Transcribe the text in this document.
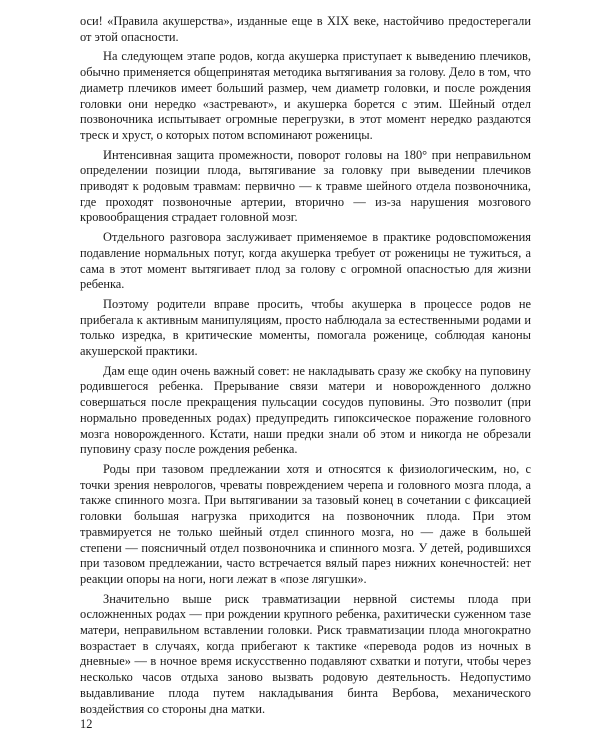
оси! «Правила акушерства», изданные еще в XIX веке, настойчиво предостерегали от этой опасности.

На следующем этапе родов, когда акушерка приступает к выведению плечиков, обычно применяется общепринятая методика вытягивания за голову. Дело в том, что диаметр плечиков имеет больший размер, чем диаметр головки, и после рождения головки они нередко «застревают», и акушерка борется с этим. Шейный отдел позвоночника испытывает огромные перегрузки, в этот момент нередко раздаются треск и хруст, о которых потом вспоминают роженицы.

Интенсивная защита промежности, поворот головы на 180° при неправильном определении позиции плода, вытягивание за головку при выведении плечиков приводят к родовым травмам: первично — к травме шейного отдела позвоночника, где проходят позвоночные артерии, вторично — из-за нарушения мозгового кровообращения страдает головной мозг.

Отдельного разговора заслуживает применяемое в практике родовспоможения подавление нормальных потуг, когда акушерка требует от роженицы не тужиться, а сама в этот момент вытягивает плод за голову с огромной опасностью для жизни ребенка.

Поэтому родители вправе просить, чтобы акушерка в процессе родов не прибегала к активным манипуляциям, просто наблюдала за естественными родами и только изредка, в критические моменты, помогала роженице, соблюдая каноны акушерской практики.

Дам еще один очень важный совет: не накладывать сразу же скобку на пуповину родившегося ребенка. Прерывание связи матери и новорожденного должно совершаться после прекращения пульсации сосудов пуповины. Это позволит (при нормально проведенных родах) предупредить гипоксическое поражение головного мозга новорожденного. Кстати, наши предки знали об этом и никогда не обрезали пуповину сразу после рождения ребенка.

Роды при тазовом предлежании хотя и относятся к физиологическим, но, с точки зрения неврологов, чреваты повреждением черепа и головного мозга плода, а также спинного мозга. При вытягивании за тазовый конец в сочетании с фиксацией головки большая нагрузка приходится на позвоночник плода. При этом травмируется не только шейный отдел спинного мозга, но — даже в большей степени — поясничный отдел позвоночника и спинного мозга. У детей, родившихся при тазовом предлежании, часто встречается вялый парез нижних конечностей: нет реакции опоры на ноги, ноги лежат в «позе лягушки».

Значительно выше риск травматизации нервной системы плода при осложненных родах — при рождении крупного ребенка, рахитически суженном тазе матери, неправильном вставлении головки. Риск травматизации плода многократно возрастает в случаях, когда прибегают к тактике «перевода родов из ночных в дневные» — в ночное время искусственно подавляют схватки и потуги, чтобы через несколько часов отдыха заново вызвать родовую деятельность. Недопустимо выдавливание плода путем накладывания бинта Вербова, механического воздействия со стороны дна матки.

12
